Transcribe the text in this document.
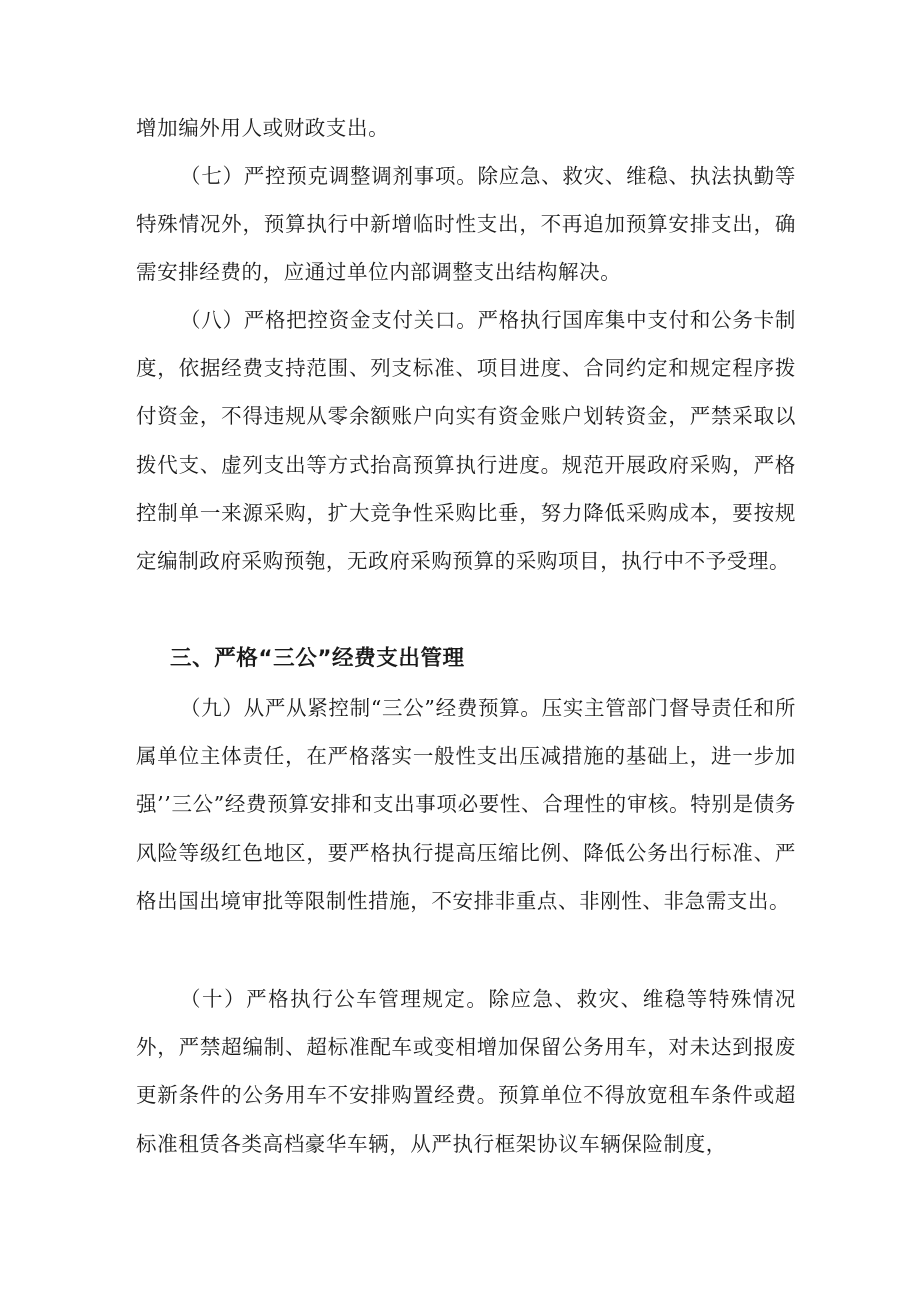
增加编外用人或财政支出。

（七）严控预克调整调剂事项。除应急、救灾、维稳、执法执勤等特殊情况外，预算执行中新增临时性支出，不再追加预算安排支出，确需安排经费的，应通过单位内部调整支出结构解决。

（八）严格把控资金支付关口。严格执行国库集中支付和公务卡制度，依据经费支持范围、列支标准、项目进度、合同约定和规定程序拨付资金，不得违规从零余额账户向实有资金账户划转资金，严禁采取以拨代支、虚列支出等方式抬高预算执行进度。规范开展政府采购，严格控制单一来源采购，扩大竞争性采购比垂，努力降低采购成本，要按规定编制政府采购预匏，无政府采购预算的采购项目，执行中不予受理。

三、严格“三公”经费支出管理

（九）从严从紧控制“三公”经费预算。压实主管部门督导责任和所属单位主体责任，在严格落实一般性支出压减措施的基础上，进一步加强’’三公”经费预算安排和支出事项必要性、合理性的审核。特别是债务风险等级红色地区，要严格执行提高压缩比例、降低公务出行标准、严格出国出境审批等限制性措施，不安排非重点、非刚性、非急需支出。

（十）严格执行公车管理规定。除应急、救灾、维稳等特殊情况外，严禁超编制、超标准配车或变相增加保留公务用车，对未达到报废更新条件的公务用车不安排购置经费。预算单位不得放宽租车条件或超标准租赁各类高档豪华车辆，从严执行框架协议车辆保险制度，
